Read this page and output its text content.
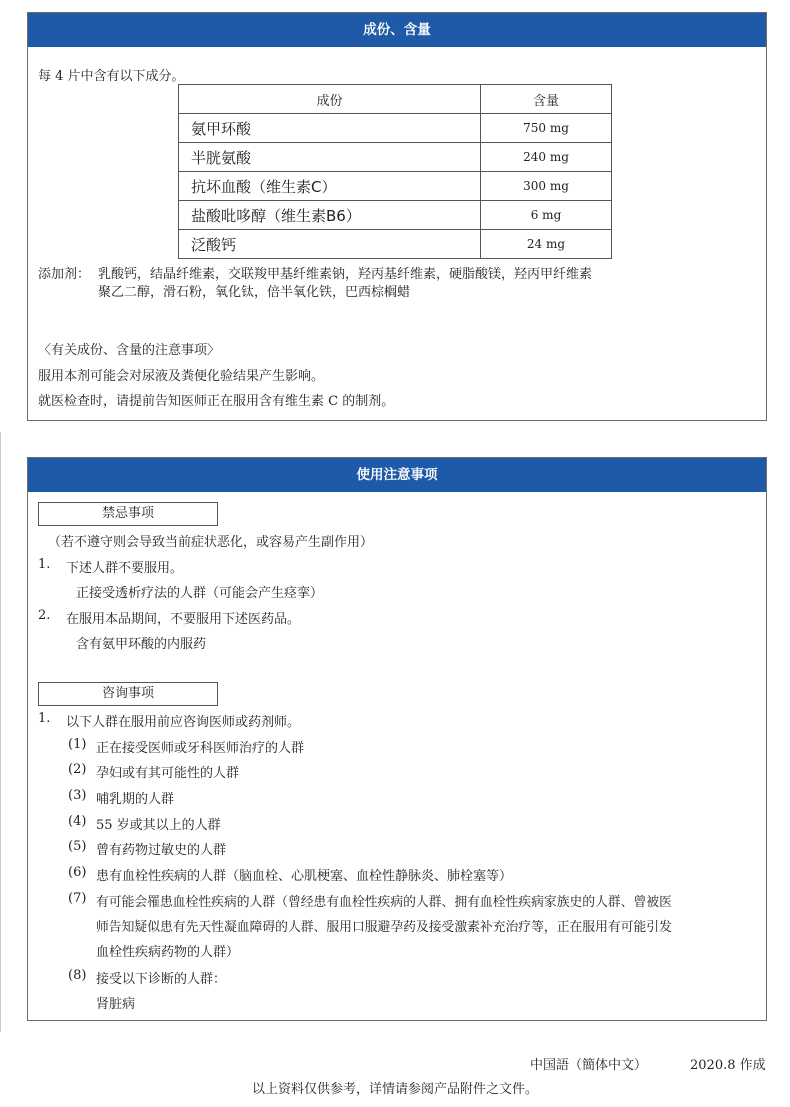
成份、含量
每 4 片中含有以下成分。
成份	含量
氨甲环酸	750 mg
半胱氨酸	240 mg
抗坏血酸（维生素C）	300 mg
盐酸吡哆醇（维生素B6）	6 mg
泛酸钙	24 mg
添加剂： 乳酸钙，结晶纤维素，交联羧甲基纤维素钠，羟丙基纤维素，硬脂酸镁，羟丙甲纤维素
聚乙二醇，滑石粉，氧化钛，倍半氧化铁，巴西棕榈蜡
〈有关成份、含量的注意事项〉
服用本剂可能会对尿液及粪便化验结果产生影响。
就医检查时，请提前告知医师正在服用含有维生素 C 的制剂。
使用注意事项
禁忌事项
（若不遵守则会导致当前症状恶化，或容易产生副作用）
1. 下述人群不要服用。
正接受透析疗法的人群（可能会产生痉挛）
2. 在服用本品期间，不要服用下述医药品。
含有氨甲环酸的内服药
咨询事项
1. 以下人群在服用前应咨询医师或药剂师。
(1) 正在接受医师或牙科医师治疗的人群
(2) 孕妇或有其可能性的人群
(3) 哺乳期的人群
(4) 55 岁或其以上的人群
(5) 曾有药物过敏史的人群
(6) 患有血栓性疾病的人群（脑血栓、心肌梗塞、血栓性静脉炎、肺栓塞等）
(7) 有可能会罹患血栓性疾病的人群（曾经患有血栓性疾病的人群、拥有血栓性疾病家族史的人群、曾被医
师告知疑似患有先天性凝血障碍的人群、服用口服避孕药及接受激素补充治疗等，正在服用有可能引发
血栓性疾病药物的人群）
(8) 接受以下诊断的人群：
肾脏病
中国語（簡体中文）	2020.8 作成
以上资料仅供参考，详情请参阅产品附件之文件。
